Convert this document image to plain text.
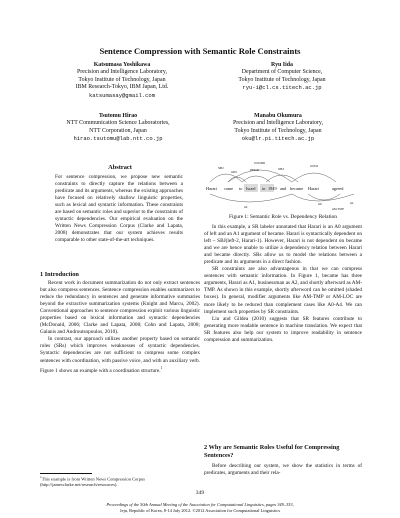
Sentence Compression with Semantic Role Constraints
Katsumasa Yoshikawa
Precision and Intelligence Laboratory,
Tokyo Institute of Technology, Japan
IBM Research-Tokyo, IBM Japan, Ltd.
katsumasay@gmail.com
Ryu Iida
Department of Computer Science,
Tokyo Institute of Technology, Japan
ryu-i@cl.cs.titech.ac.jp
Tsutomu Hirao
NTT Communication Science Laboratories,
NTT Corporation, Japan
hirao.tsutomu@lab.ntt.co.jp
Manabu Okumura
Precision and Intelligence Laboratory,
Tokyo Institute of Technology, Japan
oku@lr.pi.titech.ac.jp
Abstract

For sentence compression, we propose new semantic constraints to directly capture the relations between a predicate and its arguments, whereas the existing approaches have focused on relatively shallow linguistic properties, such as lexical and syntactic information. These constraints are based on semantic roles and superior to the constraints of syntactic dependencies. Our empirical evaluation on the Written News Compression Corpus (Clarke and Lapata, 2008) demonstrates that our system achieves results comparable to other state-of-the-art techniques.

1 Introduction

Recent work in document summarization do not only extract sentences but also compress sentences. Sentence compression enables summarizers to reduce the redundancy in sentences and generate informative summaries beyond the extractive summarization systems (Knight and Marcu, 2002). Conventional approaches to sentence compression exploit various linguistic properties based on lexical information and syntactic dependencies (McDonald, 2006; Clarke and Lapata, 2008; Cohn and Lapata, 2008; Galanis and Androutsopoulos, 2010).

In contrast, our approach utilizes another property based on semantic roles (SRs) which improves weaknesses of syntactic dependencies. Syntactic dependencies are not sufficient to compress some complex sentences with coordination, with passive voice, and with an auxiliary verb. Figure 1 shows an example with a coordination structure.$^1$

$^1$This example is from Written News Compression Corpus (http://jamesclarke.net/research/resources).
Harari came to Israel in 1949 and became Harari	agreed
SBJ
ADV	PMOD	OBJ
COORD
CONJ
A1
A0
AM-TMP
A1
Figure 1: Semantic Role vs. Dependency Relation

In this example, a SR labeler annotated that Harari is an A0 argument of left and an A1 argument of became. Harari is syntactically dependent on left – SBJ(left-2, Harari-1). However, Harari is not dependent on became and we are hence unable to utilize a dependency relation between Harari and became directly. SRs allow us to model the relations between a predicate and its arguments in a direct fashion.

SR constraints are also advantageous in that we can compress sentences with semantic information. In Figure 1, became has three arguments, Harari as A1, businessman as A2, and shortly afterward as AM-TMP. As shown in this example, shortly afterword can be omitted (shaded boxes). In general, modifier arguments like AM-TMP or AM-LOC are more likely to be reduced than complement cases like A0-A4. We can implement such properties by SR constraints.

Liu and Gildea (2010) suggests that SR features contribute to generating more readable sentence in machine translation. We expect that SR features also help our system to improve readability in sentence compression and summarization.

2 Why are Semantic Roles Useful for Compressing Sentences?

Before describing our system, we show the statistics in terms of predicates, arguments and their rela-

349
Proceedings of the 50th Annual Meeting of the Association for Computational Linguistics, pages 349–353,
Jeju, Republic of Korea, 8-14 July 2012. ©2012 Association for Computational Linguistics
